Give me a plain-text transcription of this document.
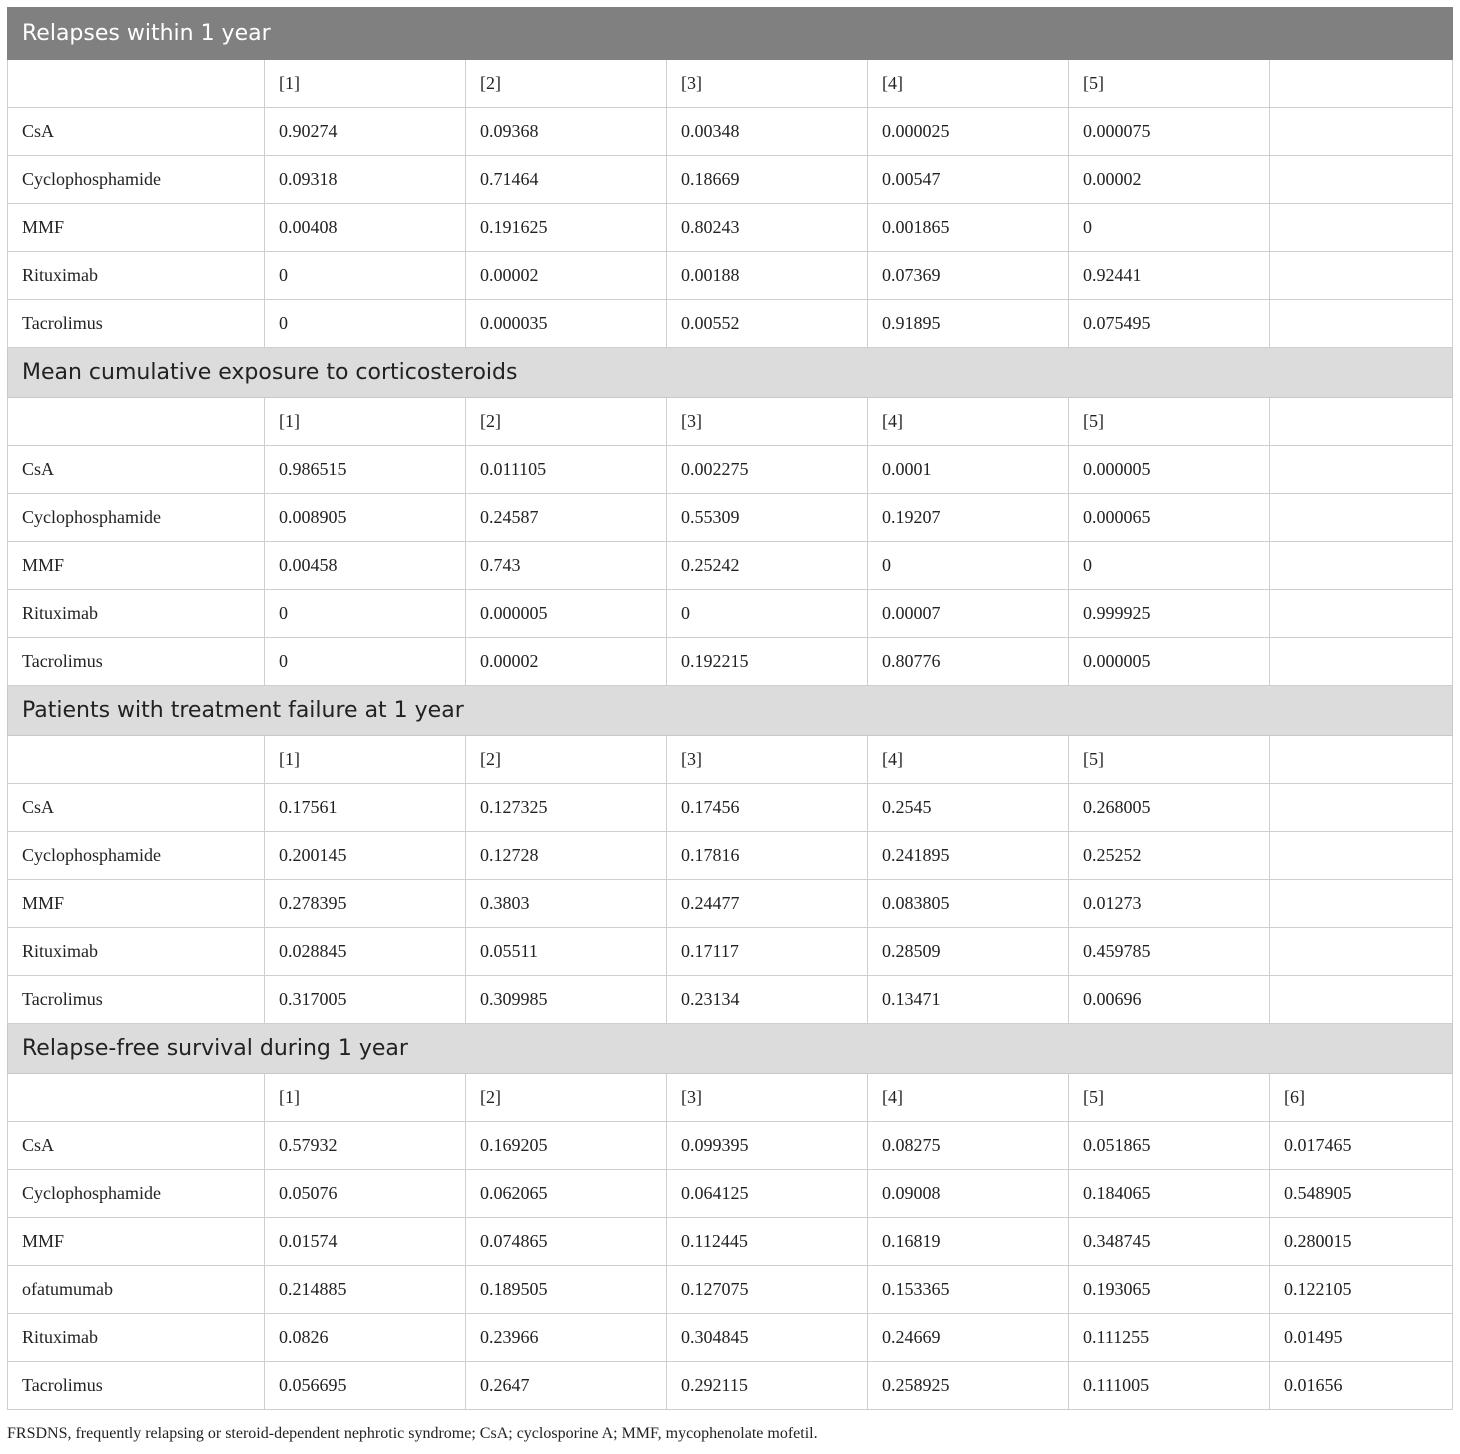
Relapses within 1 year						
	[1]	[2]	[3]	[4]	[5]	
CsA	0.90274	0.09368	0.00348	0.000025	0.000075	
Cyclophosphamide	0.09318	0.71464	0.18669	0.00547	0.00002	
MMF	0.00408	0.191625	0.80243	0.001865	0	
Rituximab	0	0.00002	0.00188	0.07369	0.92441	
Tacrolimus	0	0.000035	0.00552	0.91895	0.075495	
Mean cumulative exposure to corticosteroids						
	[1]	[2]	[3]	[4]	[5]	
CsA	0.986515	0.011105	0.002275	0.0001	0.000005	
Cyclophosphamide	0.008905	0.24587	0.55309	0.19207	0.000065	
MMF	0.00458	0.743	0.25242	0	0	
Rituximab	0	0.000005	0	0.00007	0.999925	
Tacrolimus	0	0.00002	0.192215	0.80776	0.000005	
Patients with treatment failure at 1 year						
	[1]	[2]	[3]	[4]	[5]	
CsA	0.17561	0.127325	0.17456	0.2545	0.268005	
Cyclophosphamide	0.200145	0.12728	0.17816	0.241895	0.25252	
MMF	0.278395	0.3803	0.24477	0.083805	0.01273	
Rituximab	0.028845	0.05511	0.17117	0.28509	0.459785	
Tacrolimus	0.317005	0.309985	0.23134	0.13471	0.00696	
Relapse-free survival during 1 year						
	[1]	[2]	[3]	[4]	[5]	[6]
CsA	0.57932	0.169205	0.099395	0.08275	0.051865	0.017465
Cyclophosphamide	0.05076	0.062065	0.064125	0.09008	0.184065	0.548905
MMF	0.01574	0.074865	0.112445	0.16819	0.348745	0.280015
ofatumumab	0.214885	0.189505	0.127075	0.153365	0.193065	0.122105
Rituximab	0.0826	0.23966	0.304845	0.24669	0.111255	0.01495
Tacrolimus	0.056695	0.2647	0.292115	0.258925	0.111005	0.01656
FRSDNS, frequently relapsing or steroid-dependent nephrotic syndrome; CsA; cyclosporine A; MMF, mycophenolate mofetil.
